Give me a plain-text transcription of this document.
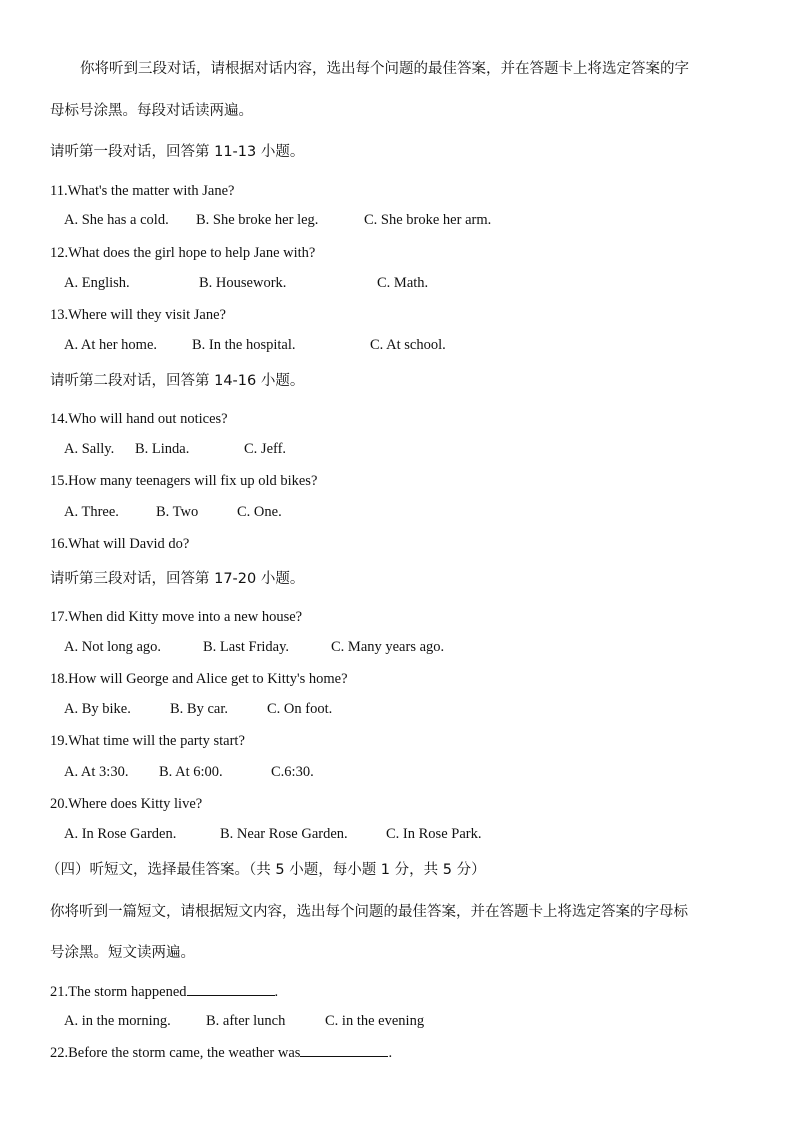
你将听到三段对话，请根据对话内容，选出每个问题的最佳答案，并在答题卡上将选定答案的字
母标号涂黑。每段对话读两遍。
请听第一段对话，回答第 11-13 小题。
11.What's the matter with Jane?
A. She has a cold. B. She broke her leg.	C. She broke her arm.
12.What does the girl hope to help Jane with?
A. English.	B. Housework.	C. Math.
13.Where will they visit Jane?
A. At her home. B. In the hospital.	C. At school.
请听第二段对话，回答第 14-16 小题。
14.Who will hand out notices?
A. Sally. B. Linda.	C. Jeff.
15.How many teenagers will fix up old bikes?
A. Three.	B. Two	C. One.
16.What will David do?
请听第三段对话，回答第 17-20 小题。
17.When did Kitty move into a new house?
A. Not long ago.	B. Last Friday.	C. Many years ago.
18.How will George and Alice get to Kitty's home?
A. By bike.	B. By car.	C. On foot.
19.What time will the party start?
A. At 3:30. B. At 6:00.	C.6:30.
20.Where does Kitty live?
A. In Rose Garden.	B. Near Rose Garden.	C. In Rose Park.
（四）听短文，选择最佳答案。（共 5 小题，每小题 1 分，共 5 分）
你将听到一篇短文，请根据短文内容，选出每个问题的最佳答案，并在答题卡上将选定答案的字母标
号涂黑。短文读两遍。
21.The storm happened	.
A. in the morning. B. after lunch	C. in the evening
22.Before the storm came, the weather was	.
